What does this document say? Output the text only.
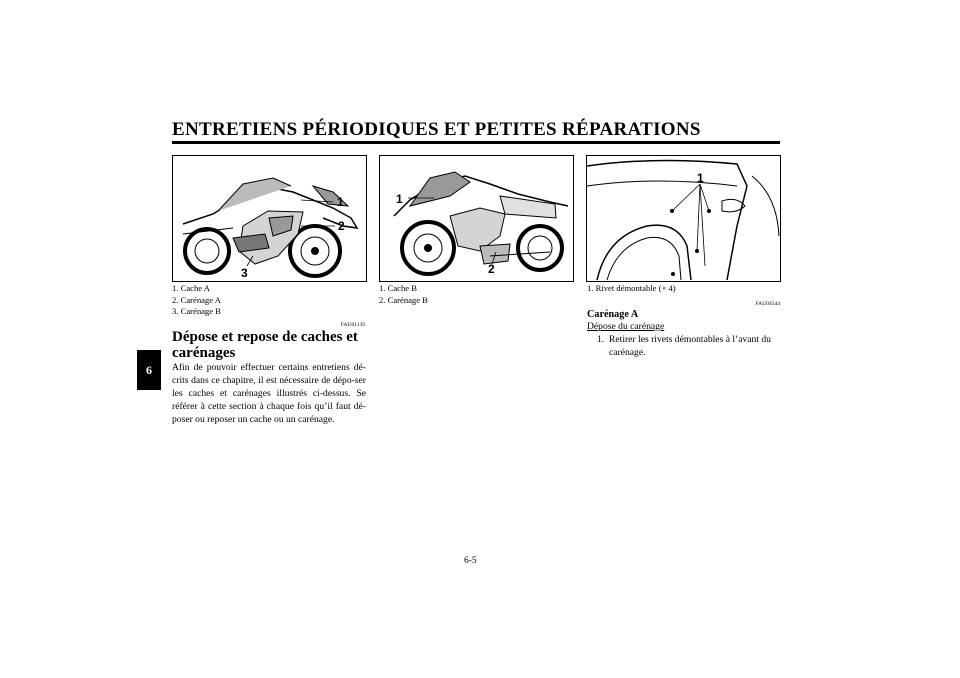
ENTRETIENS PÉRIODIQUES ET PETITES RÉPARATIONS
6
1
2
3
1. Cache A
2. Carénage A
3. Carénage B
1
2
1. Cache B
2. Carénage B
1
1. Rivet démontable (× 4)
FAU01139
Dépose et repose de caches et carénages
Afin de pouvoir effectuer certains entretiens dé-crits dans ce chapitre, il est nécessaire de dépo-ser les caches et carénages illustrés ci-dessus. Se référer à cette section à chaque fois qu’il faut dé-poser ou reposer un cache ou un carénage.
FAU04544
Carénage A
Dépose du carénage
1. Retirer les rivets démontables à l’avant du carénage.
6-5
